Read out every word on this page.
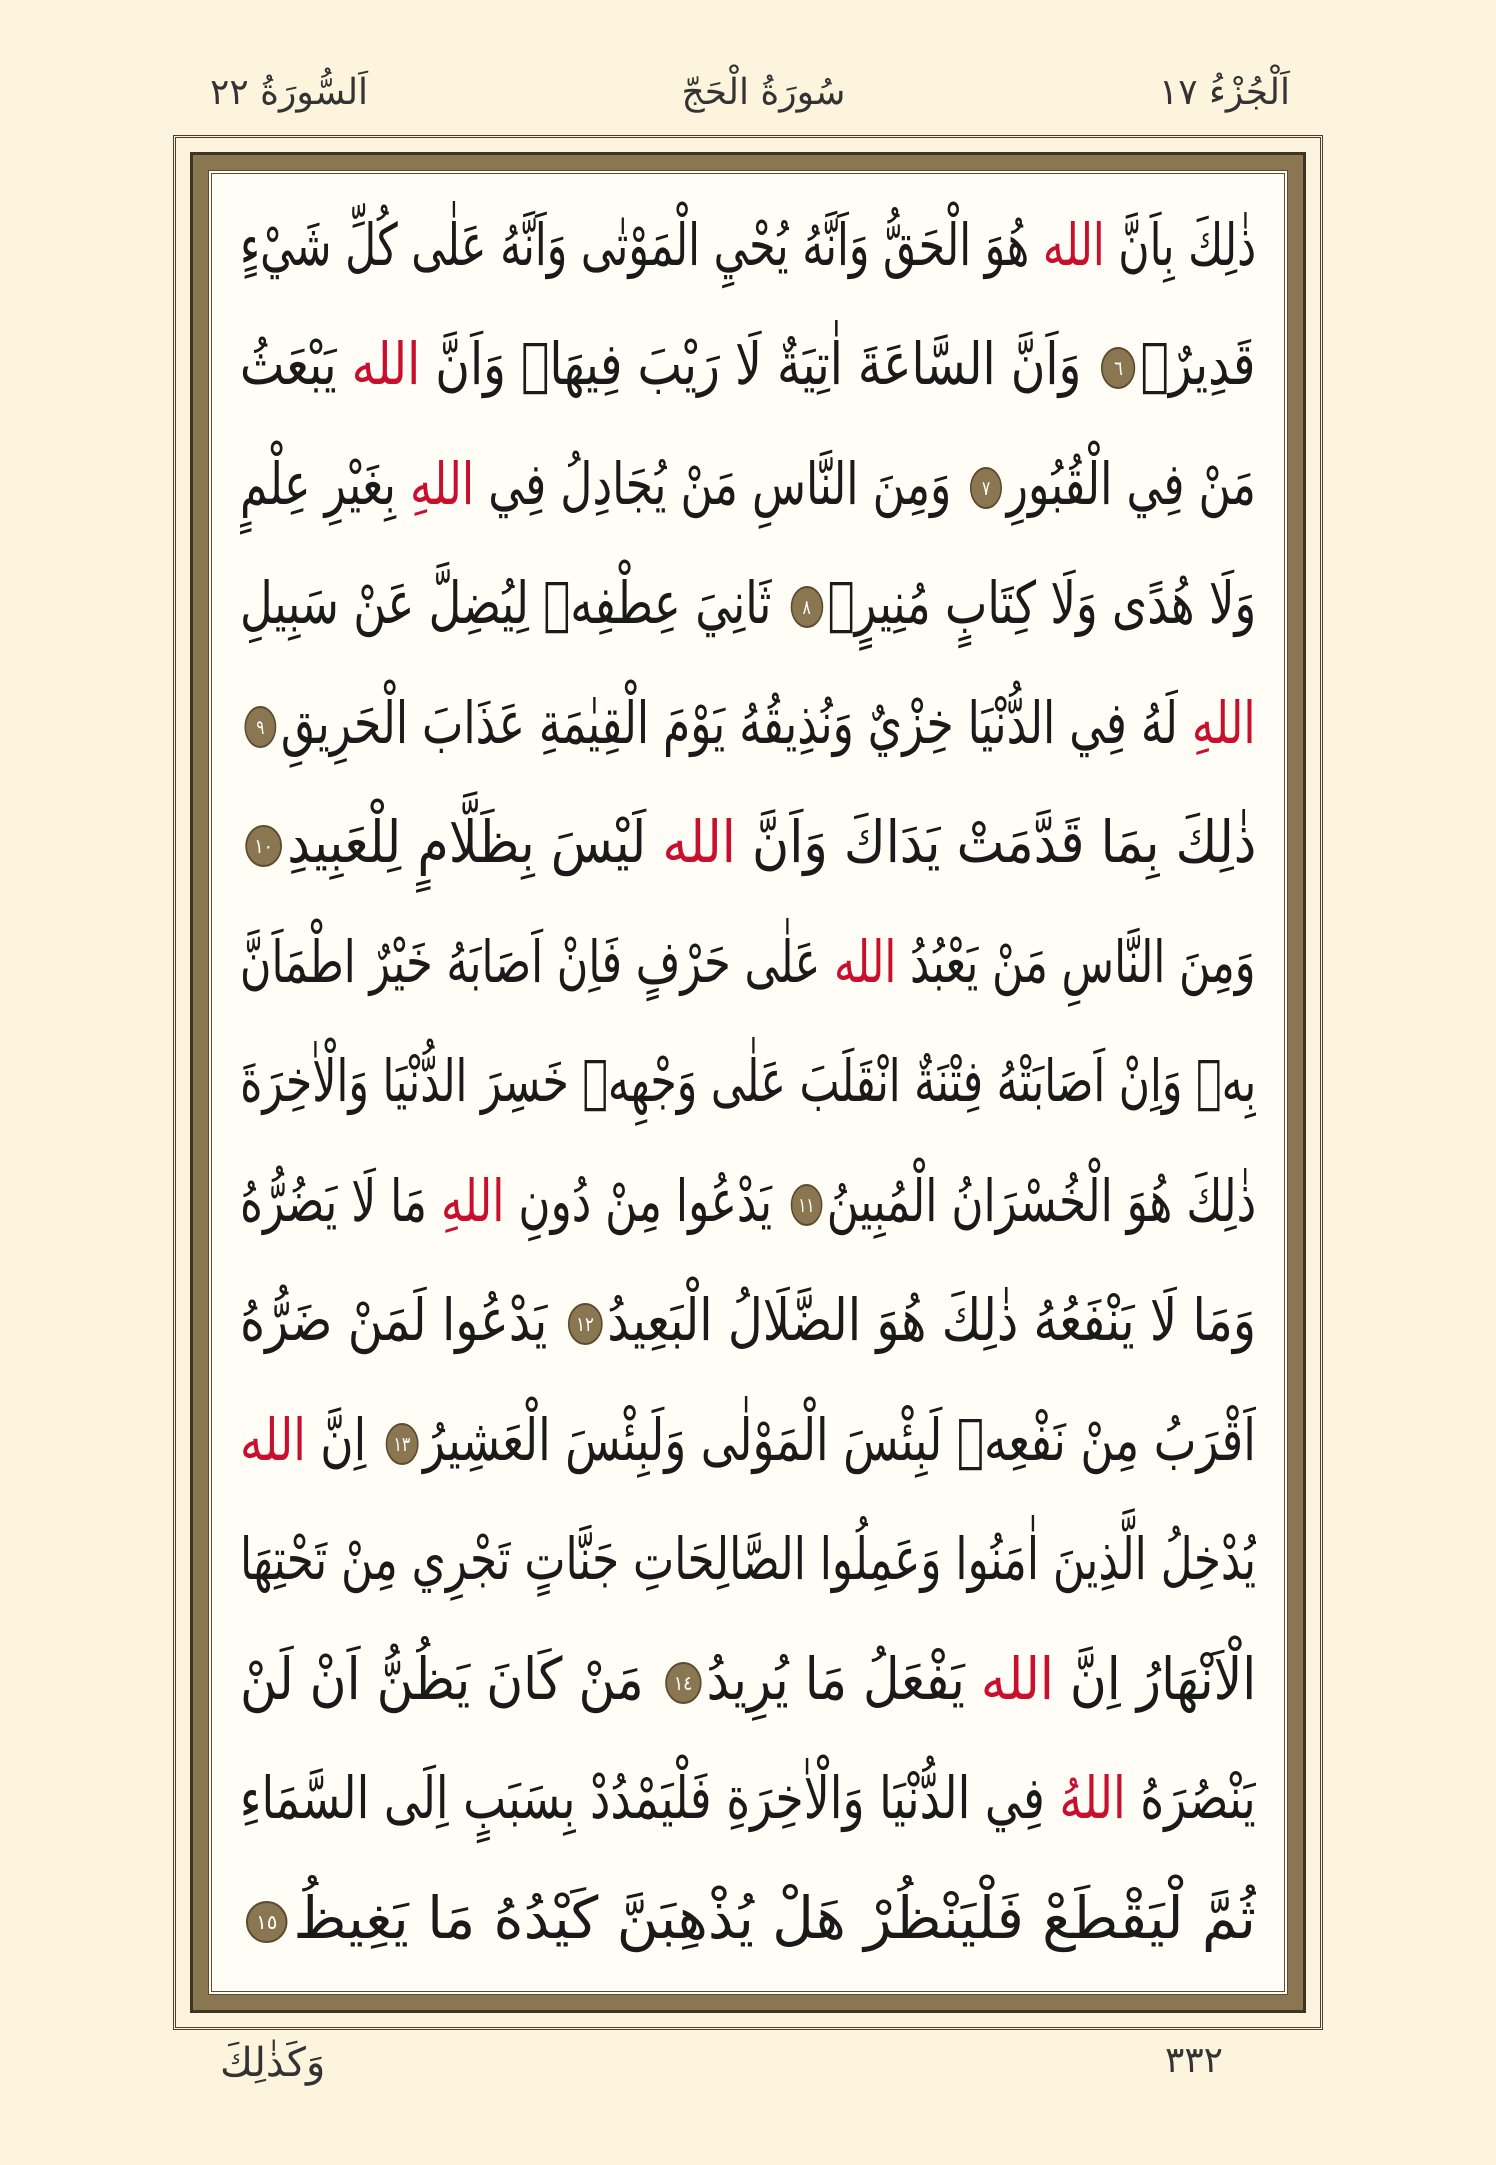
اَلْجُزْءُ ١٧
سُورَةُ الْحَجّ
اَلسُّورَةُ ٢٢
ذٰلِكَ بِاَنَّ الله هُوَ الْحَقُّ وَاَنَّهُ يُحْيِ الْمَوْتٰى وَاَنَّهُ عَلٰى كُلِّ شَيْءٍ
قَدِيرٌۙ٦ وَاَنَّ السَّاعَةَ اٰتِيَةٌ لَا رَيْبَ فِيهَاۙ وَاَنَّ الله يَبْعَثُ
مَنْ فِي الْقُبُورِ٧ وَمِنَ النَّاسِ مَنْ يُجَادِلُ فِي اللهِ بِغَيْرِ عِلْمٍ
وَلَا هُدًى وَلَا كِتَابٍ مُنِيرٍۙ٨ ثَانِيَ عِطْفِه۪ لِيُضِلَّ عَنْ سَبِيلِ
اللهِ لَهُ فِي الدُّنْيَا خِزْيٌ وَنُذِيقُهُ يَوْمَ الْقِيٰمَةِ عَذَابَ الْحَرِيقِ٩
ذٰلِكَ بِمَا قَدَّمَتْ يَدَاكَ وَاَنَّ الله لَيْسَ بِظَلَّامٍ لِلْعَبِيدِ١٠
وَمِنَ النَّاسِ مَنْ يَعْبُدُ الله عَلٰى حَرْفٍ فَاِنْ اَصَابَهُ خَيْرٌ اطْمَاَنَّ
بِه۪ وَاِنْ اَصَابَتْهُ فِتْنَةٌ انْقَلَبَ عَلٰى وَجْهِه۪ خَسِرَ الدُّنْيَا وَالْاٰخِرَةَ
ذٰلِكَ هُوَ الْخُسْرَانُ الْمُبِينُ١١ يَدْعُوا مِنْ دُونِ اللهِ مَا لَا يَضُرُّهُ
وَمَا لَا يَنْفَعُهُ ذٰلِكَ هُوَ الضَّلَالُ الْبَعِيدُ١٢ يَدْعُوا لَمَنْ ضَرُّهُ
اَقْرَبُ مِنْ نَفْعِه۪ لَبِئْسَ الْمَوْلٰى وَلَبِئْسَ الْعَشِيرُ١٣ اِنَّ الله
يُدْخِلُ الَّذِينَ اٰمَنُوا وَعَمِلُوا الصَّالِحَاتِ جَنَّاتٍ تَجْرِي مِنْ تَحْتِهَا
الْاَنْهَارُ اِنَّ الله يَفْعَلُ مَا يُرِيدُ١٤ مَنْ كَانَ يَظُنُّ اَنْ لَنْ
يَنْصُرَهُ اللهُ فِي الدُّنْيَا وَالْاٰخِرَةِ فَلْيَمْدُدْ بِسَبَبٍ اِلَى السَّمَاءِ
ثُمَّ لْيَقْطَعْ فَلْيَنْظُرْ هَلْ يُذْهِبَنَّ كَيْدُهُ مَا يَغِيظُ١٥
وَكَذٰلِكَ	٣٣٢
